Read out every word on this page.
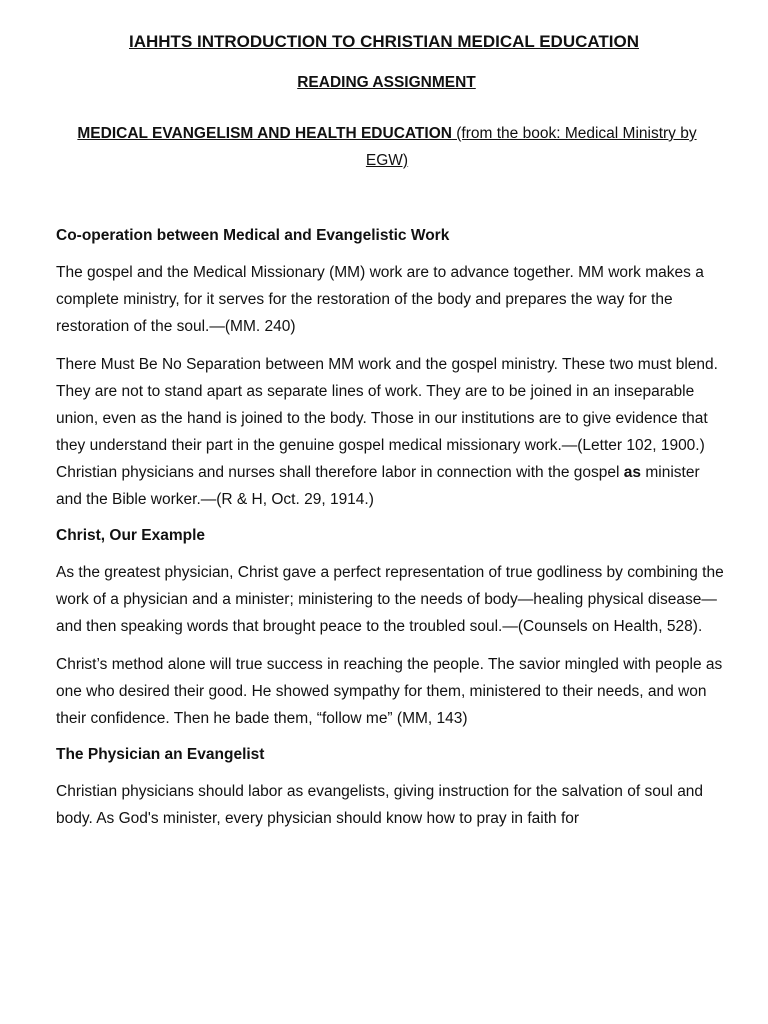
IAHHTS INTRODUCTION TO CHRISTIAN MEDICAL EDUCATION
READING ASSIGNMENT
MEDICAL EVANGELISM AND HEALTH EDUCATION (from the book: Medical Ministry by EGW)
Co-operation between Medical and Evangelistic Work

The gospel and the Medical Missionary (MM) work are to advance together. MM work makes a complete ministry, for it serves for the restoration of the body and prepares the way for the restoration of the soul.—(MM. 240)

There Must Be No Separation between MM work and the gospel ministry. These two must blend. They are not to stand apart as separate lines of work. They are to be joined in an inseparable union, even as the hand is joined to the body. Those in our institutions are to give evidence that they understand their part in the genuine gospel medical missionary work.—(Letter 102, 1900.) Christian physicians and nurses shall therefore labor in connection with the gospel as minister and the Bible worker.—(R & H, Oct. 29, 1914.)

Christ, Our Example

As the greatest physician, Christ gave a perfect representation of true godliness by combining the work of a physician and a minister; ministering to the needs of body—healing physical disease—and then speaking words that brought peace to the troubled soul.—(Counsels on Health, 528).

Christ’s method alone will true success in reaching the people. The savior mingled with people as one who desired their good. He showed sympathy for them, ministered to their needs, and won their confidence. Then he bade them, “follow me” (MM, 143)

The Physician an Evangelist

Christian physicians should labor as evangelists, giving instruction for the salvation of soul and body. As God's minister, every physician should know how to pray in faith for
